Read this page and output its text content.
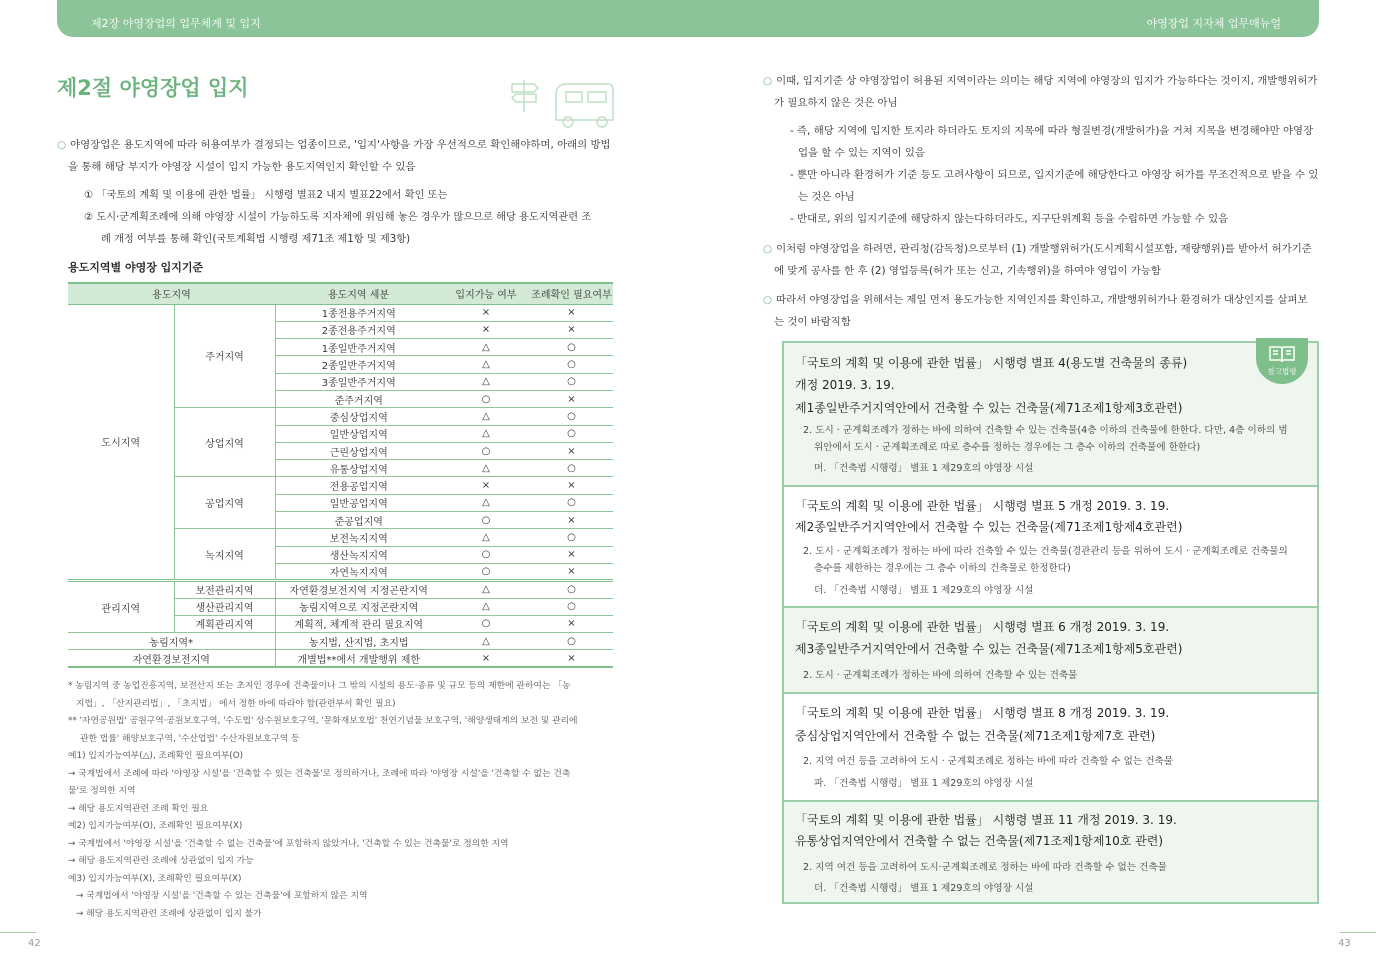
제2장 야영장업의 업무체계 및 입지	야영장업 지자체 업무매뉴얼
42	43
제2절 야영장업 입지
○ 야영장업은 용도지역에 따라 허용여부가 결정되는 업종이므로, '입지'사항을 가장 우선적으로 확인해야하며, 아래의 방법
을 통해 해당 부지가 야영장 시설이 입지 가능한 용도지역인지 확인할 수 있음
① 「국토의 계획 및 이용에 관한 법률」 시행령 별표2 내지 별표22에서 확인 또는
② 도시·군계획조례에 의해 야영장 시설이 가능하도록 지자체에 위임해 놓은 경우가 많으므로 해당 용도지역관련 조
례 개정 여부를 통해 확인(국토계획법 시행령 제71조 제1항 및 제3항)
용도지역별 야영장 입지기준
용도지역		용도지역 세분	입지가능 여부	조례확인 필요여부
도시지역	주거지역	1종전용주거지역	×	×
		2종전용주거지역	×	×
		1종일반주거지역	△	○
		2종일반주거지역	△	○
		3종일반주거지역	△	○
		준주거지역	○	×
	상업지역	중심상업지역	△	○
		일반상업지역	△	○
		근린상업지역	○	×
		유통상업지역	△	○
	공업지역	전용공업지역	×	×
		일반공업지역	△	○
		준공업지역	○	×
	녹지지역	보전녹지지역	△	○
		생산녹지지역	○	×
		자연녹지지역	○	×
관리지역	보전관리지역	자연환경보전지역 지정곤란지역	△	○
	생산관리지역	농림지역으로 지정곤란지역	△	○
	계획관리지역	계획적, 체계적 관리 필요지역	○	×
농림지역*		농지법, 산지법, 초지법	△	○
자연환경보전지역		개별법**에서 개발행위 제한	×	×
* 농림지역 중 농업진흥지역, 보전산지 또는 초지인 경우에 건축물이나 그 밖의 시설의 용도·종류 및 규모 등의 제한에 관하여는 「농
지법」, 「산지관리법」, 「초지법」 에서 정한 바에 따라야 함(관련부서 확인 필요)
** '자연공원법' 공원구역·공원보호구역, '수도법' 상수원보호구역, '문화재보호법' 천연기념물 보호구역, '해양생태계의 보전 및 관리에
관한 법률' 해양보호구역, '수산업법' 수산자원보호구역 등
예1) 입지가능여부(△), 조례확인 필요여부(O)
→ 국계법에서 조례에 따라 '야영장 시설'을 '건축할 수 있는 건축물'로 정의하거나, 조례에 따라 '야영장 시설'을 '건축할 수 없는 건축
물'로 정의한 지역
→ 해당 용도지역관련 조례 확인 필요
예2) 입지가능여부(O), 조례확인 필요여부(X)
→ 국계법에서 '야영장 시설'을 '건축할 수 없는 건축물'에 포함하지 않았거나, '건축할 수 있는 건축물'로 정의한 지역
→ 해당 용도지역관련 조례에 상관없이 입지 가능
예3) 입지가능여부(X), 조례확인 필요여부(X)
→ 국계법에서 '야영장 시설'을 '건축할 수 있는 건축물'에 포함하지 않은 지역
→ 해당 용도지역관련 조례에 상관없이 입지 불가
○ 이때, 입지기준 상 야영장업이 허용된 지역이라는 의미는 해당 지역에 야영장의 입지가 가능하다는 것이지, 개발행위허가
가 필요하지 않은 것은 아님
- 즉, 해당 지역에 입지한 토지라 하더라도 토지의 지목에 따라 형질변경(개발허가)을 거쳐 지목을 변경해야만 야영장
업을 할 수 있는 지역이 있음
- 뿐만 아니라 환경허가 기준 등도 고려사항이 되므로, 입지기준에 해당한다고 야영장 허가를 무조건적으로 받을 수 있
는 것은 아님
- 반대로, 위의 입지기준에 해당하지 않는다하더라도, 지구단위계획 등을 수립하면 가능할 수 있음
○ 이처럼 야영장업을 하려면, 관리청(감독청)으로부터 (1) 개발행위허가(도시계획시설포함, 재량행위)를 받아서 허가기준
에 맞게 공사를 한 후 (2) 영업등록(허가 또는 신고, 기속행위)을 하여야 영업이 가능함
○ 따라서 야영장업을 위해서는 제일 먼저 용도가능한 지역인지를 확인하고, 개발행위허가나 환경허가 대상인지를 살펴보
는 것이 바람직함
「국토의 계획 및 이용에 관한 법률」 시행령 별표 4(용도별 건축물의 종류)
개정 2019. 3. 19.
제1종일반주거지역안에서 건축할 수 있는 건축물(제71조제1항제3호관련)
2. 도시 · 군계획조례가 정하는 바에 의하여 건축할 수 있는 건축물(4층 이하의 건축물에 한한다. 다만, 4층 이하의 범
위안에서 도시 · 군계획조례로 따로 층수를 정하는 경우에는 그 층수 이하의 건축물에 한한다)
머. 「건축법 시행령」 별표 1 제29호의 야영장 시설
「국토의 계획 및 이용에 관한 법률」 시행령 별표 5 개정 2019. 3. 19.
제2종일반주거지역안에서 건축할 수 있는 건축물(제71조제1항제4호관련)
2. 도시 · 군계획조례가 정하는 바에 따라 건축할 수 있는 건축물(경관관리 등을 위하여 도시 · 군계획조례로 건축물의
층수를 제한하는 경우에는 그 층수 이하의 건축물로 한정한다)
더. 「건축법 시행령」 별표 1 제29호의 야영장 시설
「국토의 계획 및 이용에 관한 법률」 시행령 별표 6 개정 2019. 3. 19.
제3종일반주거지역안에서 건축할 수 있는 건축물(제71조제1항제5호관련)
2. 도시 · 군계획조례가 정하는 바에 의하여 건축할 수 있는 건축물
「국토의 계획 및 이용에 관한 법률」 시행령 별표 8 개정 2019. 3. 19.
중심상업지역안에서 건축할 수 없는 건축물(제71조제1항제7호 관련)
2. 지역 여건 등을 고려하여 도시 · 군계획조례로 정하는 바에 따라 건축할 수 없는 건축물
파. 「건축법 시행령」 별표 1 제29호의 야영장 시설
「국토의 계획 및 이용에 관한 법률」 시행령 별표 11 개정 2019. 3. 19.
유통상업지역안에서 건축할 수 없는 건축물(제71조제1항제10호 관련)
2. 지역 여건 등을 고려하여 도시·군계획조례로 정하는 바에 따라 건축할 수 없는 건축물
더. 「건축법 시행령」 별표 1 제29호의 야영장 시설
참고법령
